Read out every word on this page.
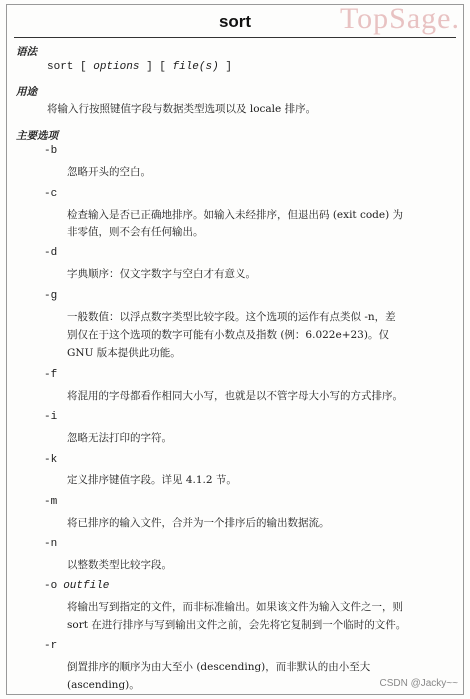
TopSage.
sort
语法
sort [ options ] [ file(s) ]
用途
将输入行按照键值字段与数据类型选项以及 locale 排序。
主要选项
-b
忽略开头的空白。
-c
检查输入是否已正确地排序。如输入未经排序，但退出码 (exit code) 为
非零值，则不会有任何输出。
-d
字典顺序：仅文字数字与空白才有意义。
-g
一般数值：以浮点数字类型比较字段。这个选项的运作有点类似 -n，差
别仅在于这个选项的数字可能有小数点及指数 (例：6.022e+23)。仅
GNU 版本提供此功能。
-f
将混用的字母都看作相同大小写，也就是以不管字母大小写的方式排序。
-i
忽略无法打印的字符。
-k
定义排序键值字段。详见 4.1.2 节。
-m
将已排序的输入文件，合并为一个排序后的输出数据流。
-n
以整数类型比较字段。
-o outfile
将输出写到指定的文件，而非标准输出。如果该文件为输入文件之一，则
sort 在进行排序与写到输出文件之前，会先将它复制到一个临时的文件。
-r
倒置排序的顺序为由大至小 (descending)，而非默认的由小至大
(ascending)。	CSDN @Jacky~~
